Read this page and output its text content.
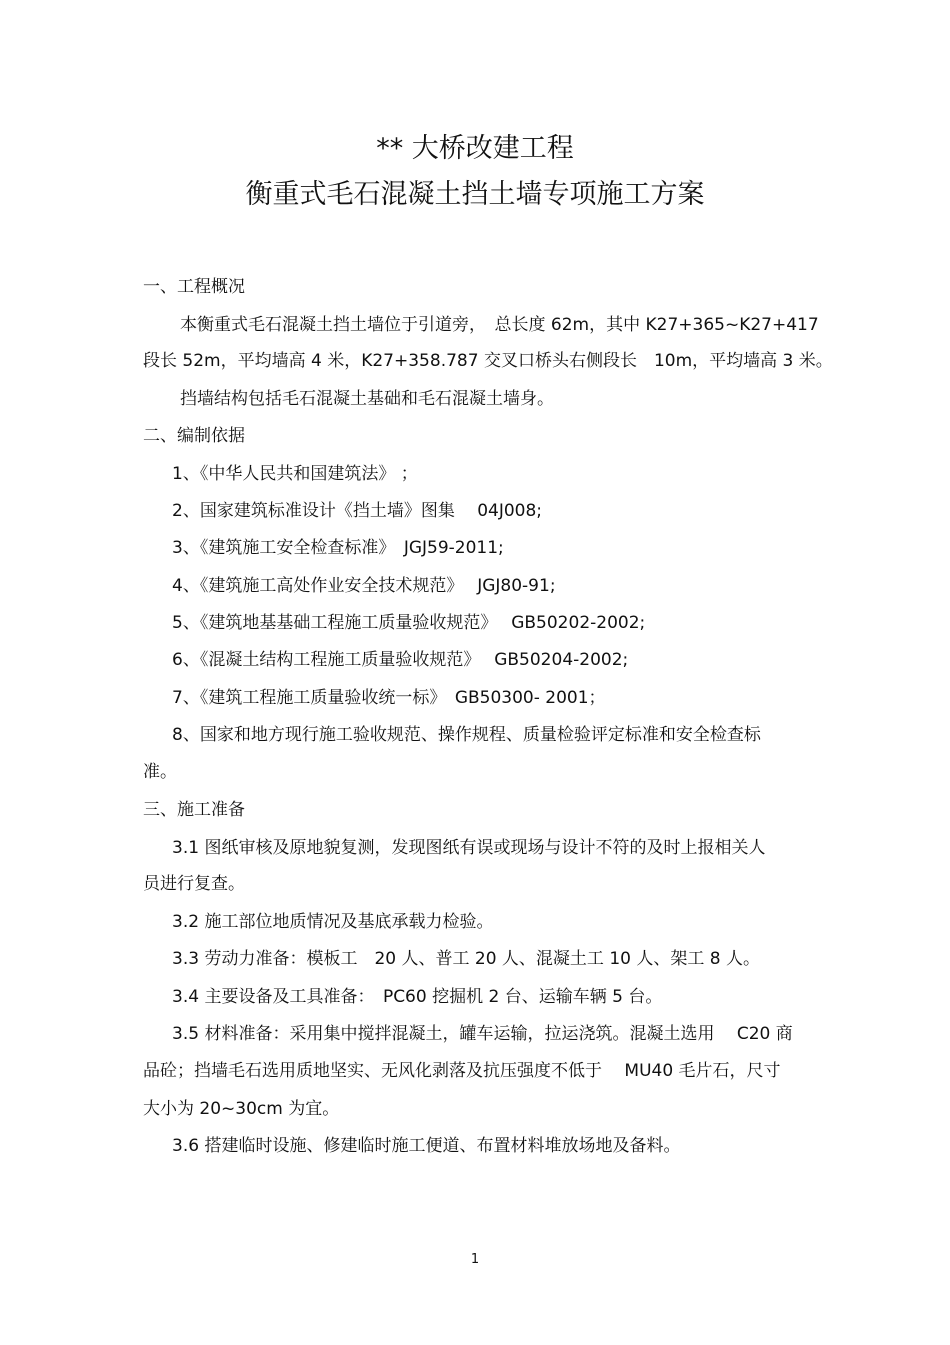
** 大桥改建工程
衡重式毛石混凝土挡土墙专项施工方案
一、工程概况
本衡重式毛石混凝土挡土墙位于引道旁，　总长度 62m，其中 K27+365~K27+417
段长 52m，平均墙高 4 米，K27+358.787 交叉口桥头右侧段长　10m，平均墙高 3 米。
挡墙结构包括毛石混凝土基础和毛石混凝土墙身。
二、编制依据
1、《中华人民共和国建筑法》 ；
2、国家建筑标准设计《挡土墙》图集　 04J008;
3、《建筑施工安全检查标准》　JGJ59-2011;
4、《建筑施工高处作业安全技术规范》　 JGJ80-91;
5、《建筑地基基础工程施工质量验收规范》　 GB50202-2002;
6、《混凝土结构工程施工质量验收规范》　 GB50204-2002;
7、《建筑工程施工质量验收统一标》　GB50300- 2001；
8、国家和地方现行施工验收规范、操作规程、质量检验评定标准和安全检查标
准。
三、施工准备
3.1 图纸审核及原地貌复测，发现图纸有误或现场与设计不符的及时上报相关人
员进行复查。
3.2 施工部位地质情况及基底承载力检验。
3.3 劳动力准备：模板工　20 人、普工 20 人、混凝土工 10 人、架工 8 人。
3.4 主要设备及工具准备：　PC60 挖掘机 2 台、运输车辆 5 台。
3.5 材料准备：采用集中搅拌混凝土，罐车运输，拉运浇筑。混凝土选用　 C20 商
品砼；挡墙毛石选用质地坚实、无风化剥落及抗压强度不低于　 MU40 毛片石，尺寸
大小为 20~30cm 为宜。
3.6 搭建临时设施、修建临时施工便道、布置材料堆放场地及备料。
1
